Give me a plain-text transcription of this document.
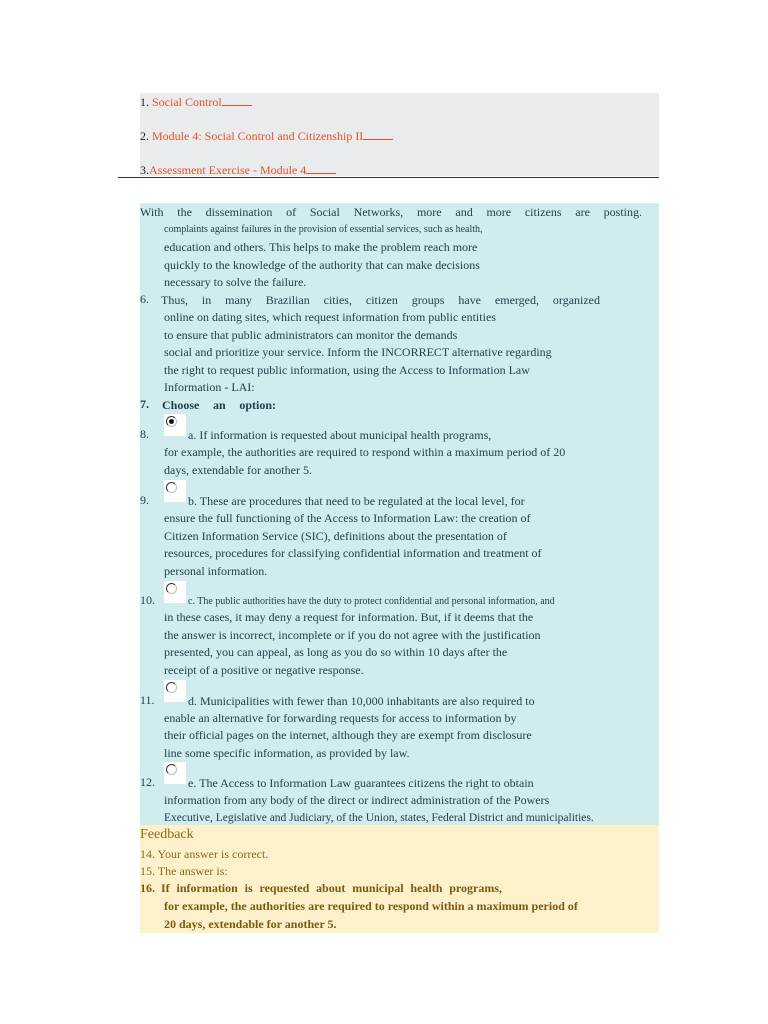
1. Social Control
2. Module 4: Social Control and Citizenship II
3.Assessment Exercise - Module 4
With the dissemination of Social Networks, more and more citizens are posting.
complaints against failures in the provision of essential services, such as health,
education and others. This helps to make the problem reach more
quickly to the knowledge of the authority that can make decisions
necessary to solve the failure.
6. Thus, in many Brazilian cities, citizen groups have emerged, organized
online on dating sites, which request information from public entities
to ensure that public administrators can monitor the demands
social and prioritize your service. Inform the INCORRECT alternative regarding
the right to request public information, using the Access to Information Law
Information - LAI:
7. Choose an option:
8.	a. If information is requested about municipal health programs,
for example, the authorities are required to respond within a maximum period of 20
days, extendable for another 5.
9.	b. These are procedures that need to be regulated at the local level, for
ensure the full functioning of the Access to Information Law: the creation of
Citizen Information Service (SIC), definitions about the presentation of
resources, procedures for classifying confidential information and treatment of
personal information.
10.	c. The public authorities have the duty to protect confidential and personal information, and
in these cases, it may deny a request for information. But, if it deems that the
the answer is incorrect, incomplete or if you do not agree with the justification
presented, you can appeal, as long as you do so within 10 days after the
receipt of a positive or negative response.
11.	d. Municipalities with fewer than 10,000 inhabitants are also required to
enable an alternative for forwarding requests for access to information by
their official pages on the internet, although they are exempt from disclosure
line some specific information, as provided by law.
12.	e. The Access to Information Law guarantees citizens the right to obtain
information from any body of the direct or indirect administration of the Powers
Executive, Legislative and Judiciary, of the Union, states, Federal District and municipalities.
Feedback
14. Your answer is correct.
15. The answer is:
16. If information is requested about municipal health programs,
for example, the authorities are required to respond within a maximum period of
20 days, extendable for another 5.
